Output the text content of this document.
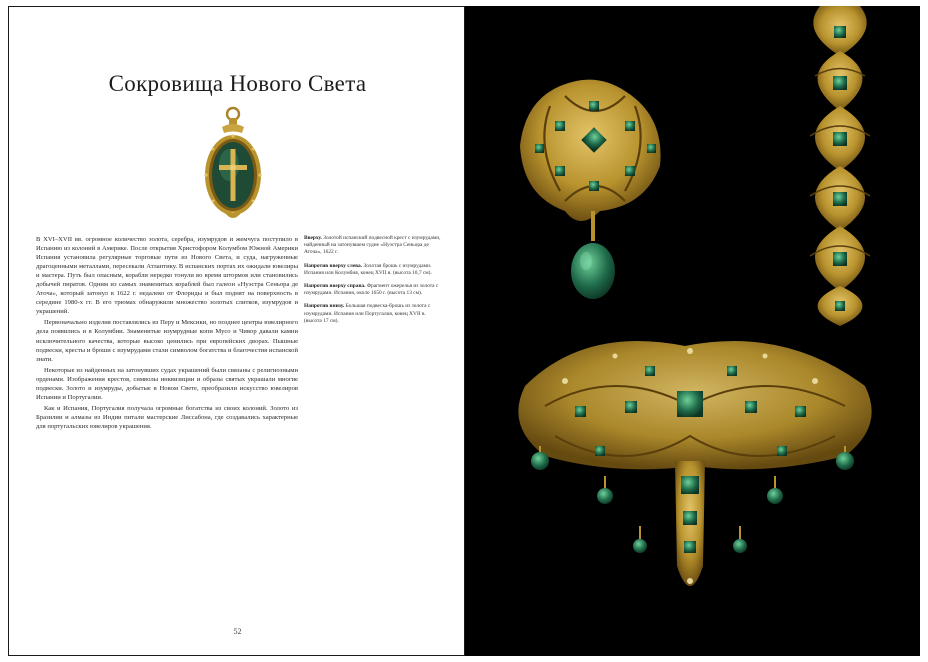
Сокровища Нового Света

В XVI–XVII вв. огромное количество золота, серебра, изумрудов и жемчуга поступило в Испанию из колоний в Америке. После открытия Христофором Колумбом Южной Америки Испания установила регулярные торговые пути из Нового Света, и суда, нагруженные драгоценными металлами, пересекали Атлантику. В испанских портах их ожидали ювелиры и мастера. Путь был опасным, корабли нередко тонули во время штормов или становились добычей пиратов. Одним из самых знаменитых кораблей был галеон «Нуэстра Сеньора де Аточа», который затонул в 1622 г. недалеко от Флориды и был поднят на поверхность в середине 1980-х гг. В его трюмах обнаружили множество золотых слитков, изумрудов и украшений.

Первоначально изделия поставлялись из Перу и Мексики, но позднее центры ювелирного дела появились и в Колумбии. Знаменитые изумрудные копи Мусо и Чивор давали камни исключительного качества, которые высоко ценились при европейских дворах. Пышные подвески, кресты и броши с изумрудами стали символом богатства и благочестия испанской знати.

Некоторые из найденных на затонувших судах украшений были связаны с религиозными орденами. Изображения крестов, символы инквизиции и образы святых украшали многие подвески. Золото и изумруды, добытые в Новом Свете, преобразили искусство ювелиров Испании и Португалии.

Как и Испания, Португалия получала огромные богатства из своих колоний. Золото из Бразилии и алмазы из Индии питали мастерские Лиссабона, где создавались характерные для португальских ювелиров украшения.

Вверху. Золотой испанский подвесной крест с изумрудами, найденный на затонувшем судне «Нуэстра Сеньора де Аточа», 1622 г.

Напротив вверху слева. Золотая брошь с изумрудами. Испания или Колумбия, конец XVII в. (высота 10,7 см).

Напротив вверху справа. Фрагмент ожерелья из золота с изумрудами. Испания, около 1650 г. (высота 13 см).

Напротив внизу. Большая подвеска-брошь из золота с изумрудами. Испания или Португалия, конец XVII в. (высота 17 см).

52
